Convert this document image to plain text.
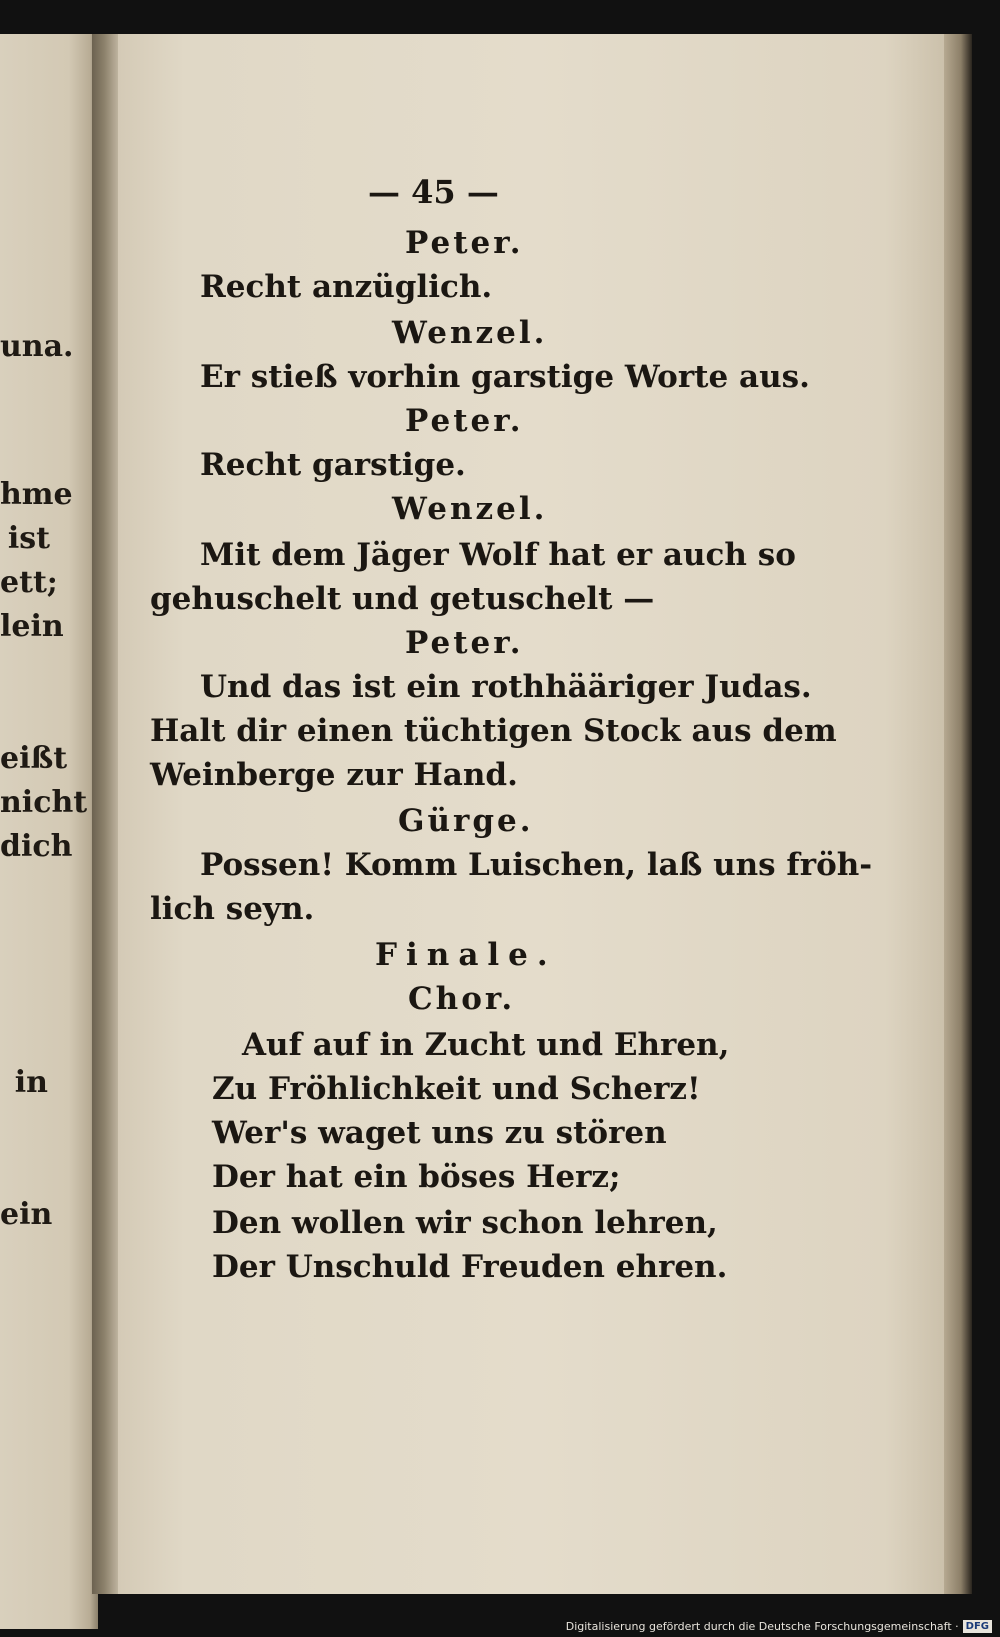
una.
hme
ist
ett;
lein
eißt
nicht
dich
in
ein
— 45 —
Peter.
Recht anzüglich.
Wenzel.
Er stieß vorhin garstige Worte aus.
Peter.
Recht garstige.
Wenzel.
Mit dem Jäger Wolf hat er auch so
gehuschelt und getuschelt —
Peter.
Und das ist ein rothhääriger Judas.
Halt dir einen tüchtigen Stock aus dem
Weinberge zur Hand.
Gürge.
Possen! Komm Luischen, laß uns fröh-
lich seyn.
Finale.
Chor.
Auf auf in Zucht und Ehren,
Zu Fröhlichkeit und Scherz!
Wer's waget uns zu stören
Der hat ein böses Herz;
Den wollen wir schon lehren,
Der Unschuld Freuden ehren.
Digitalisierung gefördert durch die Deutsche Forschungsgemeinschaft · DFG
